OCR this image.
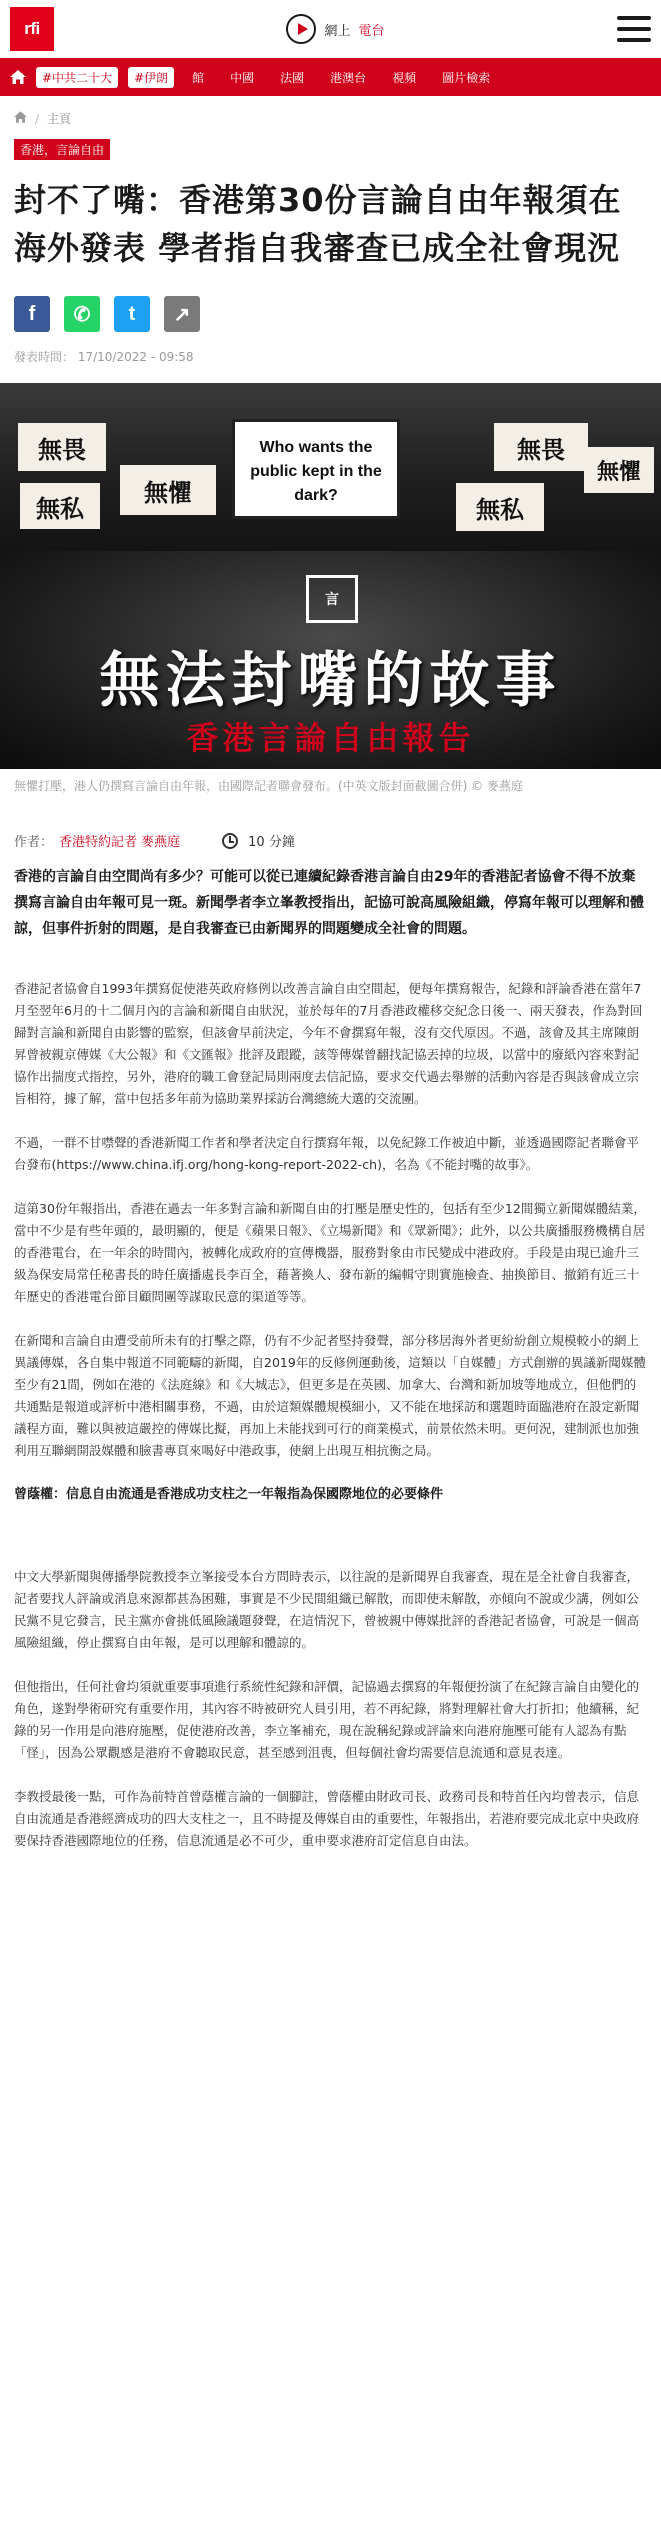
rfi	網上 電台
#中共二十大	#伊朗	館	中國	法國	港澳台	視頻	圖片檢索
/ 主頁
香港，言論自由
封不了嘴：香港第30份言論自由年報須在海外發表 學者指自我審查已成全社會現況
f	✆	t	↗
發表時間： 17/10/2022 - 09:58
無畏
無懼
無私
無畏
無懼
無私
Who wants the public kept in the dark?
言
無法封嘴的故事
香港言論自由報告
無懼打壓，港人仍撰寫言論自由年報，由國際記者聯會發布。(中英文版封面截圖合併) © 麥燕庭
作者： 香港特約記者 麥燕庭	10 分鐘

香港的言論自由空間尚有多少？可能可以從已連續紀錄香港言論自由29年的香港記者協會不得不放棄撰寫言論自由年報可見一斑。新聞學者李立峯教授指出，記協可說高風險組織，停寫年報可以理解和體諒，但事件折射的問題，是自我審查已由新聞界的問題變成全社會的問題。

香港記者協會自1993年撰寫促使港英政府修例以改善言論自由空間起，便每年撰寫報告，紀錄和評論香港在當年7月至翌年6月的十二個月內的言論和新聞自由狀況，並於每年的7月香港政權移交紀念日後一、兩天發表，作為對回歸對言論和新聞自由影響的監察，但該會早前決定，今年不會撰寫年報，沒有交代原因。不過，該會及其主席陳朗昇曾被親京傳媒《大公報》和《文匯報》批評及跟蹤，該等傳媒曾翻找記協丟掉的垃圾，以當中的廢紙內容來對記協作出揣度式指控，另外，港府的職工會登記局則兩度去信記協，要求交代過去舉辦的活動內容是否與該會成立宗旨相符，據了解，當中包括多年前为協助業界採訪台灣總統大選的交流團。

不過，一群不甘噤聲的香港新聞工作者和學者決定自行撰寫年報，以免紀錄工作被迫中斷，並透過國際記者聯會平台發布(https://www.china.ifj.org/hong-kong-report-2022-ch)，名為《不能封嘴的故事》。

這第30份年報指出，香港在過去一年多對言論和新聞自由的打壓是歷史性的，包括有至少12間獨立新聞媒體結業，當中不少是有些年頭的，最明顯的，便是《蘋果日報》、《立場新聞》和《眾新聞》；此外，以公共廣播服務機構自居的香港電台，在一年余的時間內，被轉化成政府的宣傳機器，服務對象由市民變成中港政府。手段是由現已逾升三級為保安局常任秘書長的時任廣播處長李百全，藉著換人、發布新的編輯守則實施檢查、抽換節目、撤銷有近三十年歷史的香港電台節目顧問團等謀取民意的渠道等等。

在新聞和言論自由遭受前所未有的打擊之際，仍有不少記者堅持發聲，部分移居海外者更紛紛創立規模較小的網上異議傳媒，各自集中報道不同範疇的新聞，自2019年的反修例運動後，這類以「自媒體」方式創辦的異議新聞媒體至少有21間，例如在港的《法庭線》和《大城志》，但更多是在英國、加拿大、台灣和新加坡等地成立，但他們的共通點是報道或評析中港相關事務，不過，由於這類媒體規模細小，又不能在地採訪和選題時面臨港府在設定新聞議程方面，難以與被這嚴控的傳媒比擬，再加上未能找到可行的商業模式，前景依然未明。更何況，建制派也加強利用互聯網開設媒體和臉書專頁來喝好中港政事，使網上出現互相抗衡之局。

曾蔭權：信息自由流通是香港成功支柱之一年報指為保國際地位的必要條件

中文大學新聞與傳播學院教授李立峯接受本台方問時表示，以往說的是新聞界自我審查，現在是全社會自我審查，記者要找人評論或消息來源都甚為困難，事實是不少民間組織已解散，而即使未解散，亦傾向不說或少講，例如公民黨不見它發言，民主黨亦會挑低風險議題發聲，在這情況下，曾被親中傳媒批評的香港記者協會，可說是一個高風險組織，停止撰寫自由年報，是可以理解和體諒的。

但他指出，任何社會均須就重要事項進行系統性紀錄和評價，記協過去撰寫的年報便扮演了在紀錄言論自由變化的角色，遂對學術研究有重要作用，其內容不時被研究人員引用，若不再紀錄，將對理解社會大打折扣；他續稱，紀錄的另一作用是向港府施壓，促使港府改善，李立峯補充，現在說稱紀錄或評論來向港府施壓可能有人認為有點「怪」，因為公眾觀感是港府不會聽取民意，甚至感到沮喪，但每個社會均需要信息流通和意見表達。

李教授最後一點，可作為前特首曾蔭權言論的一個腳註，曾蔭權由財政司長、政務司長和特首任內均曾表示，信息自由流通是香港經濟成功的四大支柱之一，且不時提及傳媒自由的重要性，年報指出，若港府要完成北京中央政府要保持香港國際地位的任務，信息流通是必不可少，重申要求港府訂定信息自由法。
